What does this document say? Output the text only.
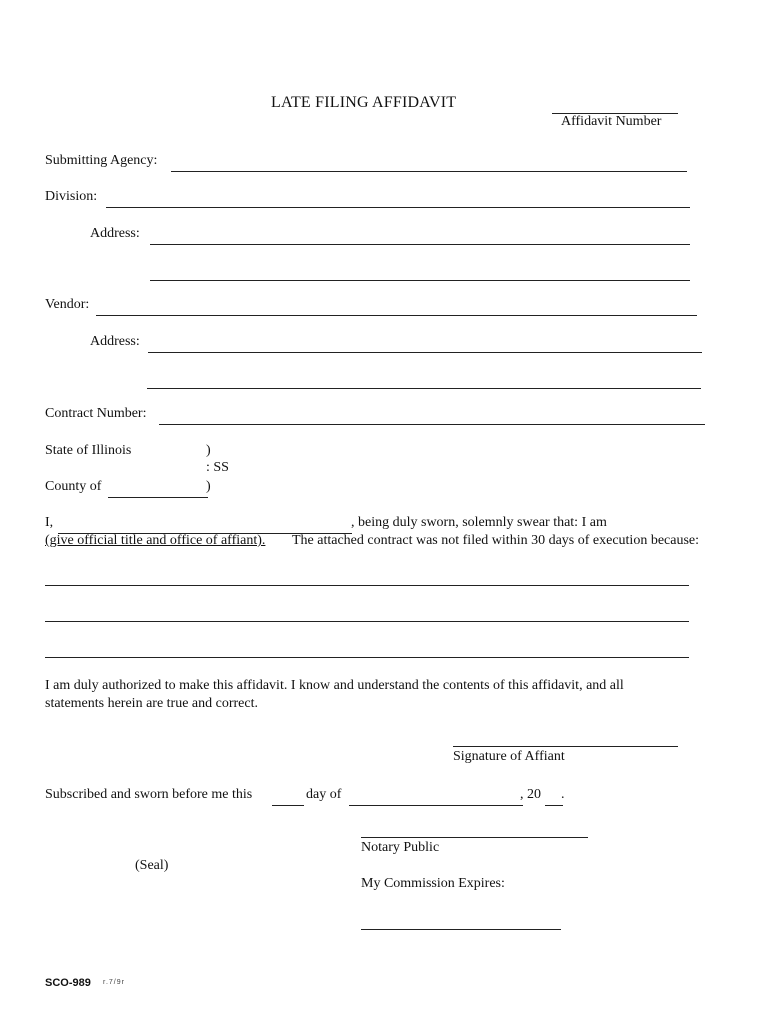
LATE FILING AFFIDAVIT
Affidavit Number
Submitting Agency:
Division:
Address:
Vendor:
Address:
Contract Number:
State of Illinois	)
: SS
County of	)
I,	, being duly sworn, solemnly swear that: I am
(give official title and office of affiant). The attached contract was not filed within 30 days of execution because:
I am duly authorized to make this affidavit. I know and understand the contents of this affidavit, and all
statements herein are true and correct.
Signature of Affiant
Subscribed and sworn before me this	day of	, 20 .
Notary Public
(Seal)
My Commission Expires:
SCO-989 r.7/9r
